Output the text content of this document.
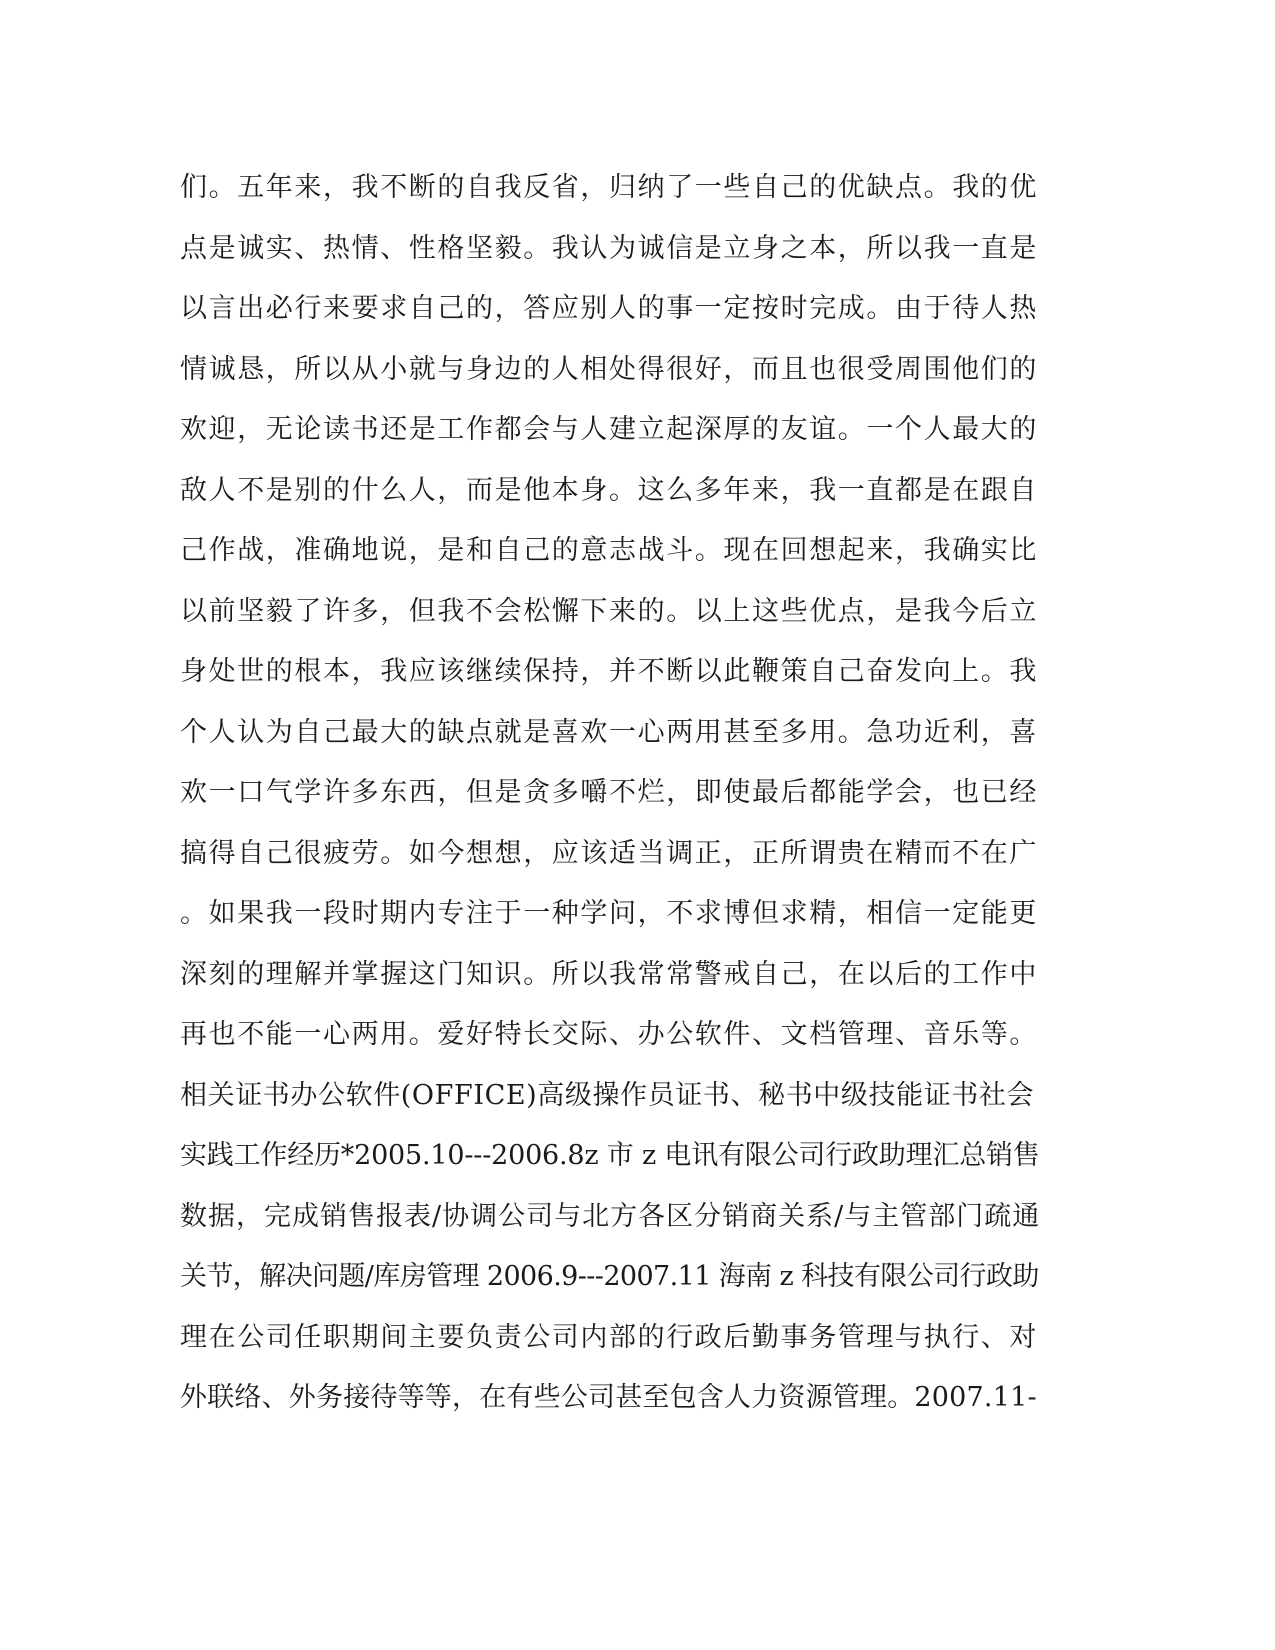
们。五年来，我不断的自我反省，归纳了一些自己的优缺点。我的优
点是诚实、热情、性格坚毅。我认为诚信是立身之本，所以我一直是
以言出必行来要求自己的，答应别人的事一定按时完成。由于待人热
情诚恳，所以从小就与身边的人相处得很好，而且也很受周围他们的
欢迎，无论读书还是工作都会与人建立起深厚的友谊。一个人最大的
敌人不是别的什么人，而是他本身。这么多年来，我一直都是在跟自
己作战，准确地说，是和自己的意志战斗。现在回想起来，我确实比
以前坚毅了许多，但我不会松懈下来的。以上这些优点，是我今后立
身处世的根本，我应该继续保持，并不断以此鞭策自己奋发向上。我
个人认为自己最大的缺点就是喜欢一心两用甚至多用。急功近利，喜
欢一口气学许多东西，但是贪多嚼不烂，即使最后都能学会，也已经
搞得自己很疲劳。如今想想，应该适当调正，正所谓贵在精而不在广
。如果我一段时期内专注于一种学问，不求博但求精，相信一定能更
深刻的理解并掌握这门知识。所以我常常警戒自己，在以后的工作中
再也不能一心两用。爱好特长交际、办公软件、文档管理、音乐等。
相关证书办公软件(OFFICE)高级操作员证书、秘书中级技能证书社会
实践工作经历*2005.10---2006.8z 市 z 电讯有限公司行政助理汇总销售
数据，完成销售报表/协调公司与北方各区分销商关系/与主管部门疏通
关节，解决问题/库房管理 2006.9---2007.11 海南 z 科技有限公司行政助
理在公司任职期间主要负责公司内部的行政后勤事务管理与执行、对
外联络、外务接待等等，在有些公司甚至包含人力资源管理。2007.11-
